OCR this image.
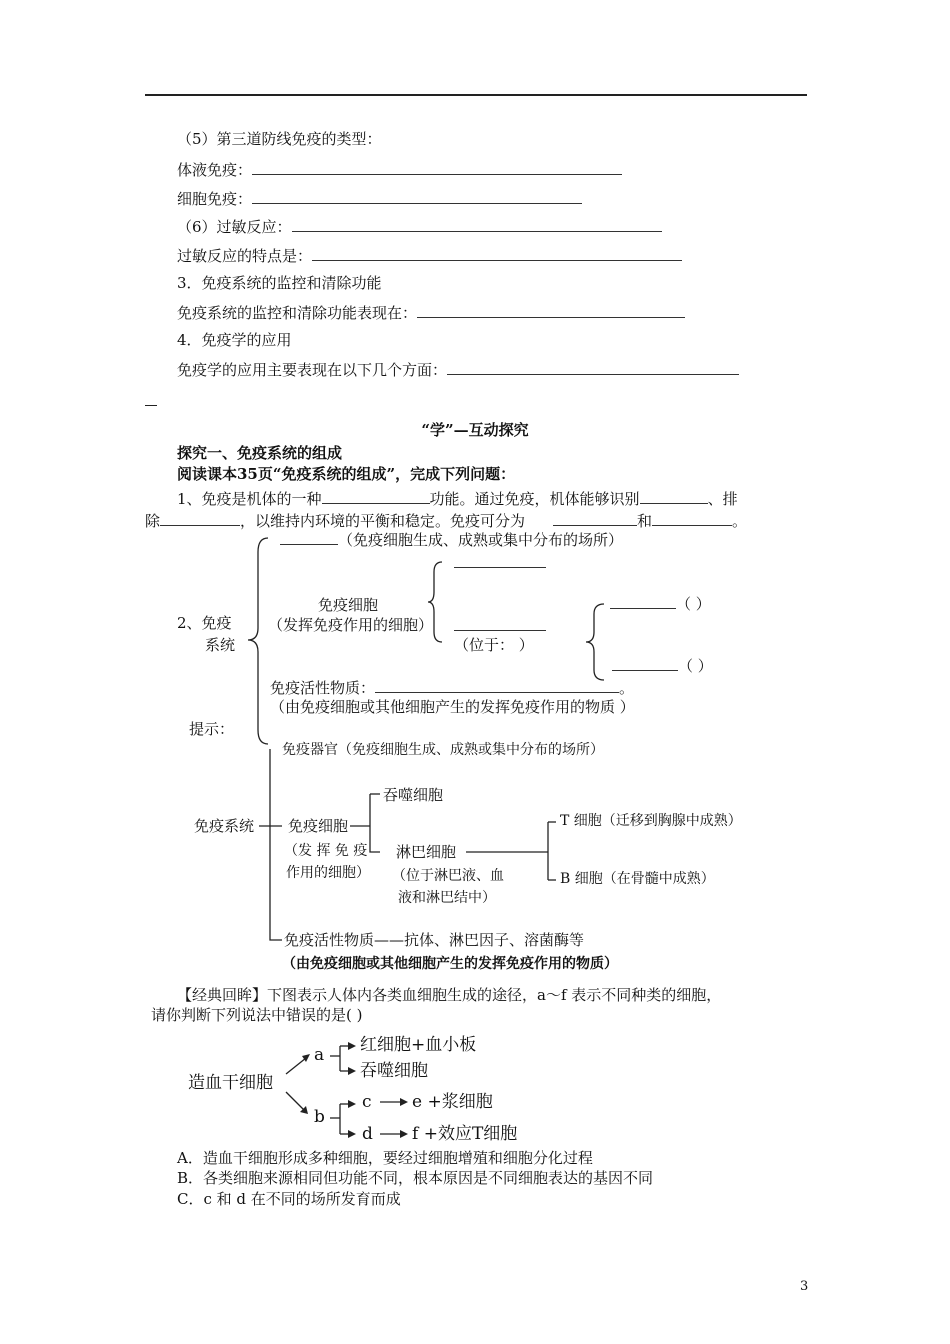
（5）第三道防线免疫的类型：
体液免疫：
细胞免疫：
（6）过敏反应：
过敏反应的特点是：
3．免疫系统的监控和清除功能
免疫系统的监控和清除功能表现在：
4．免疫学的应用
免疫学的应用主要表现在以下几个方面：
“学”—互动探究
探究一、免疫系统的组成
阅读课本35页“免疫系统的组成”，完成下列问题：
1、免疫是机体的一种	功能。通过免疫，机体能够识别	、排
除	，以维持内环境的平衡和稳定。免疫可分为	和	。
（免疫细胞生成、成熟或集中分布的场所）
2、免疫
系统
免疫细胞
（发挥免疫作用的细胞）
（位于： ）
（ ）
（ ）
免疫活性物质：	。
（由免疫细胞或其他细胞产生的发挥免疫作用的物质 ）
提示：
免疫器官（免疫细胞生成、成熟或集中分布的场所）
免疫系统 免疫细胞
（发 挥 免 疫
作用的细胞）
吞噬细胞
淋巴细胞
（位于淋巴液、血
液和淋巴结中）
T 细胞（迁移到胸腺中成熟）
B 细胞（在骨髓中成熟）
免疫活性物质——抗体、淋巴因子、溶菌酶等
（由免疫细胞或其他细胞产生的发挥免疫作用的物质）
【经典回眸】下图表示人体内各类血细胞生成的途径，a～f 表示不同种类的细胞，
请你判断下列说法中错误的是( )
造血干细胞
a
b
红细胞+血小板
吞噬细胞
c
d
e +浆细胞
f +效应T细胞
A．造血干细胞形成多种细胞，要经过细胞增殖和细胞分化过程
B．各类细胞来源相同但功能不同，根本原因是不同细胞表达的基因不同
C．c 和 d 在不同的场所发育而成
3
